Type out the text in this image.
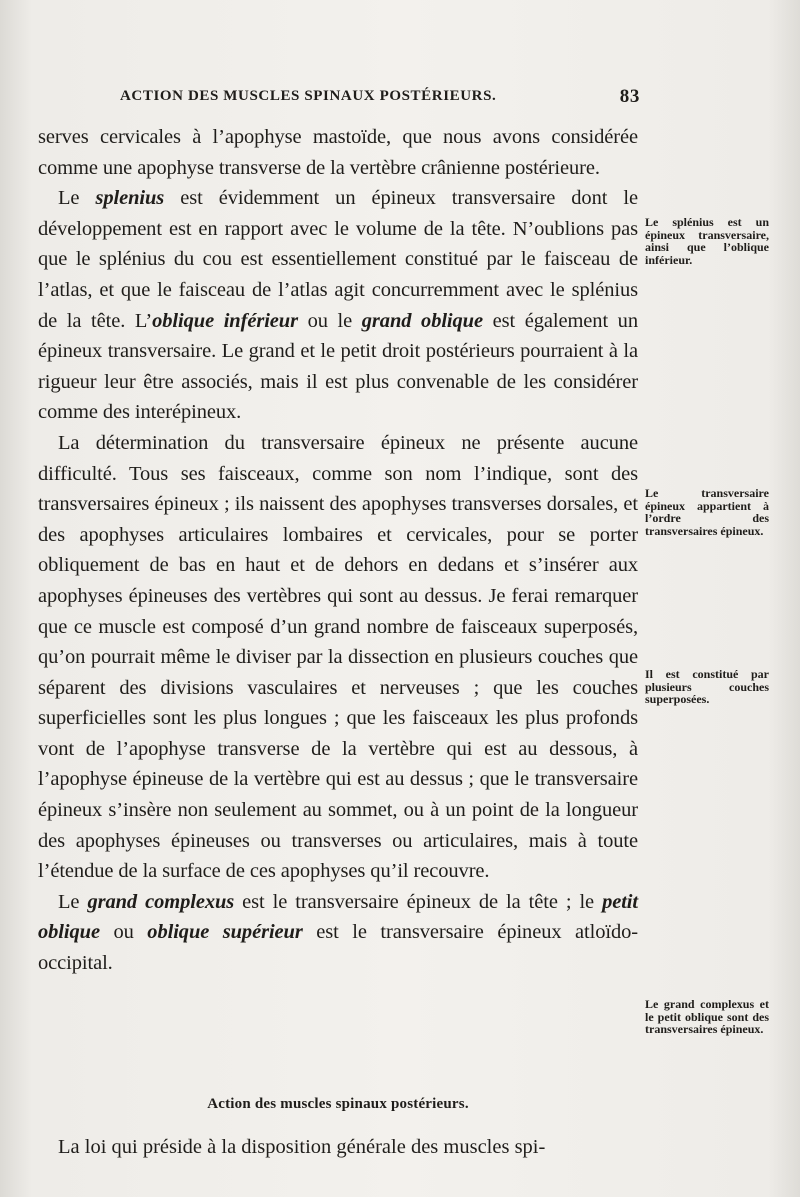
ACTION DES MUSCLES SPINAUX POSTÉRIEURS.	83

serves cervicales à l’apophyse mastoïde, que nous avons considérée comme une apophyse transverse de la vertèbre crânienne postérieure.

Le splenius est évidemment un épineux transversaire dont le développement est en rapport avec le volume de la tête. N’oublions pas que le splénius du cou est essentiellement constitué par le faisceau de l’atlas, et que le faisceau de l’atlas agit concurremment avec le splénius de la tête. L’oblique inférieur ou le grand oblique est également un épineux transversaire. Le grand et le petit droit postérieurs pourraient à la rigueur leur être associés, mais il est plus convenable de les considérer comme des interépineux.

La détermination du transversaire épineux ne présente aucune difficulté. Tous ses faisceaux, comme son nom l’indique, sont des transversaires épineux ; ils naissent des apophyses transverses dorsales, et des apophyses articulaires lombaires et cervicales, pour se porter obliquement de bas en haut et de dehors en dedans et s’insérer aux apophyses épineuses des vertèbres qui sont au dessus. Je ferai remarquer que ce muscle est composé d’un grand nombre de faisceaux superposés, qu’on pourrait même le diviser par la dissection en plusieurs couches que séparent des divisions vasculaires et nerveuses ; que les couches superficielles sont les plus longues ; que les faisceaux les plus profonds vont de l’apophyse transverse de la vertèbre qui est au dessous, à l’apophyse épineuse de la vertèbre qui est au dessus ; que le transversaire épineux s’insère non seulement au sommet, ou à un point de la longueur des apophyses épineuses ou transverses ou articulaires, mais à toute l’étendue de la surface de ces apophyses qu’il recouvre.

Le grand complexus est le transversaire épineux de la tête ; le petit oblique ou oblique supérieur est le transversaire épineux atloïdo-occipital.

Action des muscles spinaux postérieurs.
La loi qui préside à la disposition générale des muscles spi-
Le splénius est un épineux transversaire, ainsi que l’oblique inférieur.
Le transversaire épineux appartient à l’ordre des transversaires épineux.
Il est constitué par plusieurs couches superposées.
Le grand complexus et le petit oblique sont des transversaires épineux.
